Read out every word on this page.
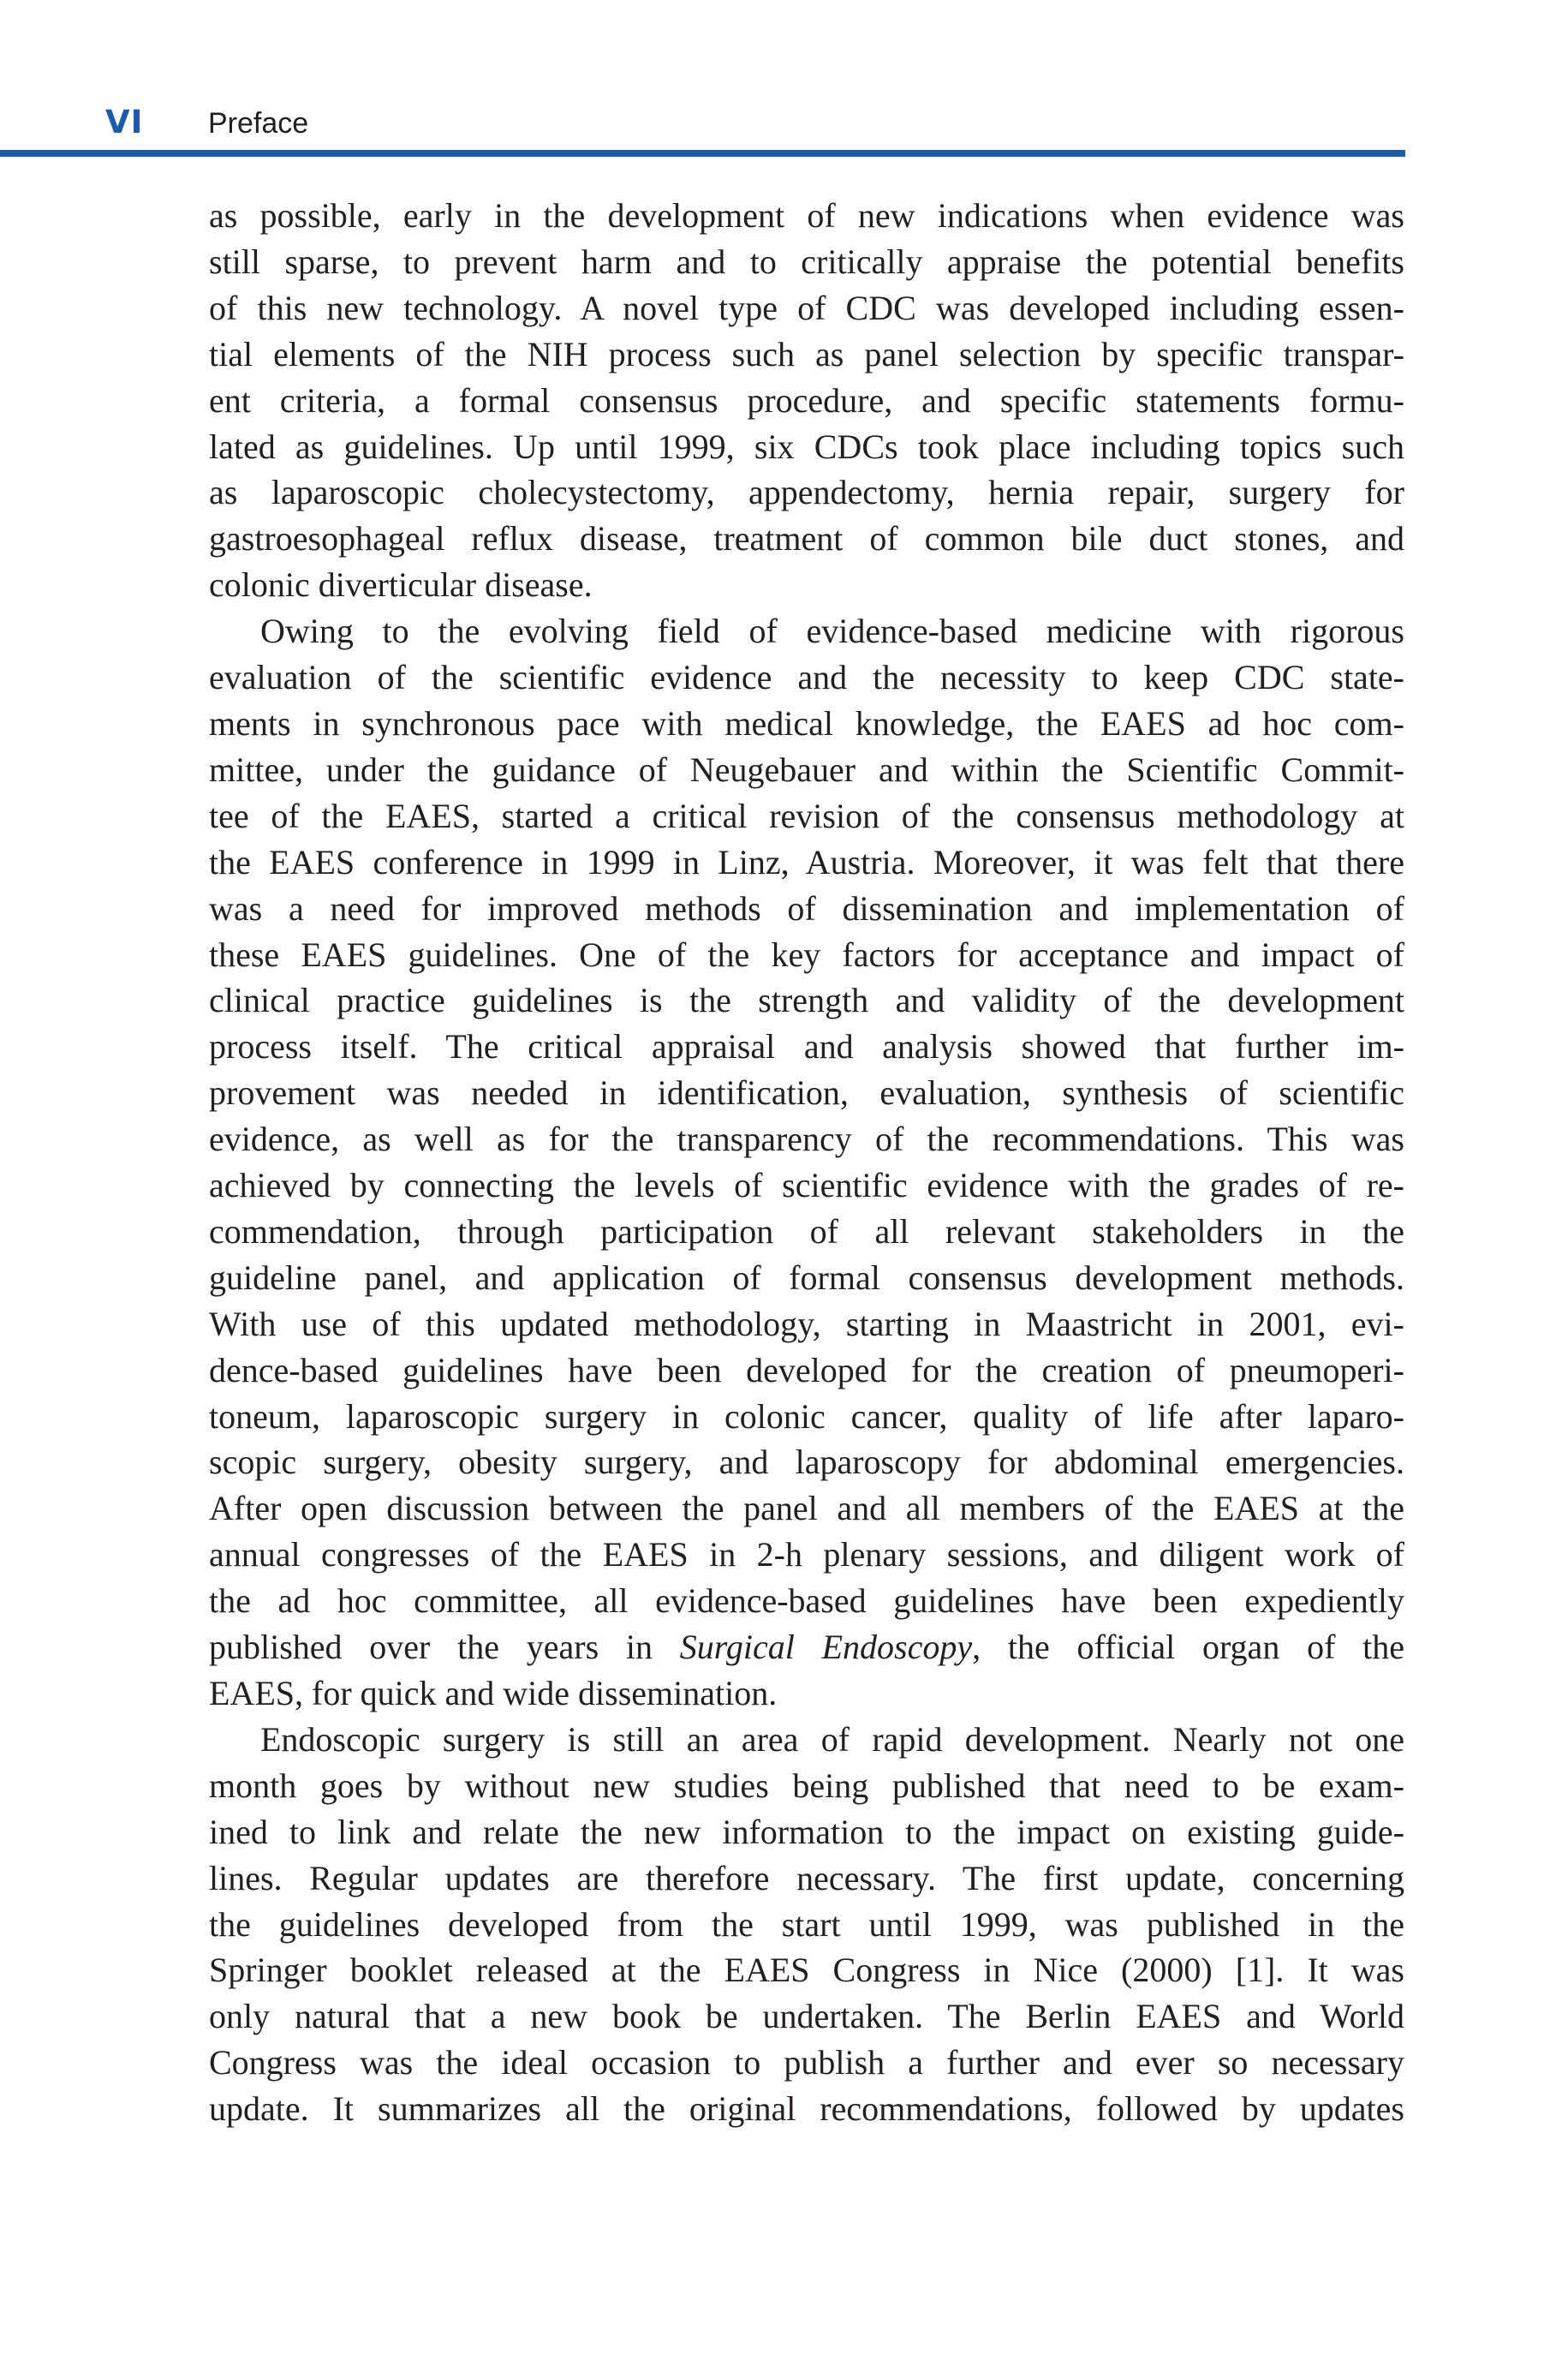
VI Preface

as possible, early in the development of new indications when evidence was
still sparse, to prevent harm and to critically appraise the potential benefits
of this new technology. A novel type of CDC was developed including essen-
tial elements of the NIH process such as panel selection by specific transpar-
ent criteria, a formal consensus procedure, and specific statements formu-
lated as guidelines. Up until 1999, six CDCs took place including topics such
as laparoscopic cholecystectomy, appendectomy, hernia repair, surgery for
gastroesophageal reflux disease, treatment of common bile duct stones, and
colonic diverticular disease.

Owing to the evolving field of evidence-based medicine with rigorous
evaluation of the scientific evidence and the necessity to keep CDC state-
ments in synchronous pace with medical knowledge, the EAES ad hoc com-
mittee, under the guidance of Neugebauer and within the Scientific Commit-
tee of the EAES, started a critical revision of the consensus methodology at
the EAES conference in 1999 in Linz, Austria. Moreover, it was felt that there
was a need for improved methods of dissemination and implementation of
these EAES guidelines. One of the key factors for acceptance and impact of
clinical practice guidelines is the strength and validity of the development
process itself. The critical appraisal and analysis showed that further im-
provement was needed in identification, evaluation, synthesis of scientific
evidence, as well as for the transparency of the recommendations. This was
achieved by connecting the levels of scientific evidence with the grades of re-
commendation, through participation of all relevant stakeholders in the
guideline panel, and application of formal consensus development methods.
With use of this updated methodology, starting in Maastricht in 2001, evi-
dence-based guidelines have been developed for the creation of pneumoperi-
toneum, laparoscopic surgery in colonic cancer, quality of life after laparo-
scopic surgery, obesity surgery, and laparoscopy for abdominal emergencies.
After open discussion between the panel and all members of the EAES at the
annual congresses of the EAES in 2-h plenary sessions, and diligent work of
the ad hoc committee, all evidence-based guidelines have been expediently
published over the years in Surgical Endoscopy, the official organ of the
EAES, for quick and wide dissemination.

Endoscopic surgery is still an area of rapid development. Nearly not one
month goes by without new studies being published that need to be exam-
ined to link and relate the new information to the impact on existing guide-
lines. Regular updates are therefore necessary. The first update, concerning
the guidelines developed from the start until 1999, was published in the
Springer booklet released at the EAES Congress in Nice (2000) [1]. It was
only natural that a new book be undertaken. The Berlin EAES and World
Congress was the ideal occasion to publish a further and ever so necessary
update. It summarizes all the original recommendations, followed by updates
